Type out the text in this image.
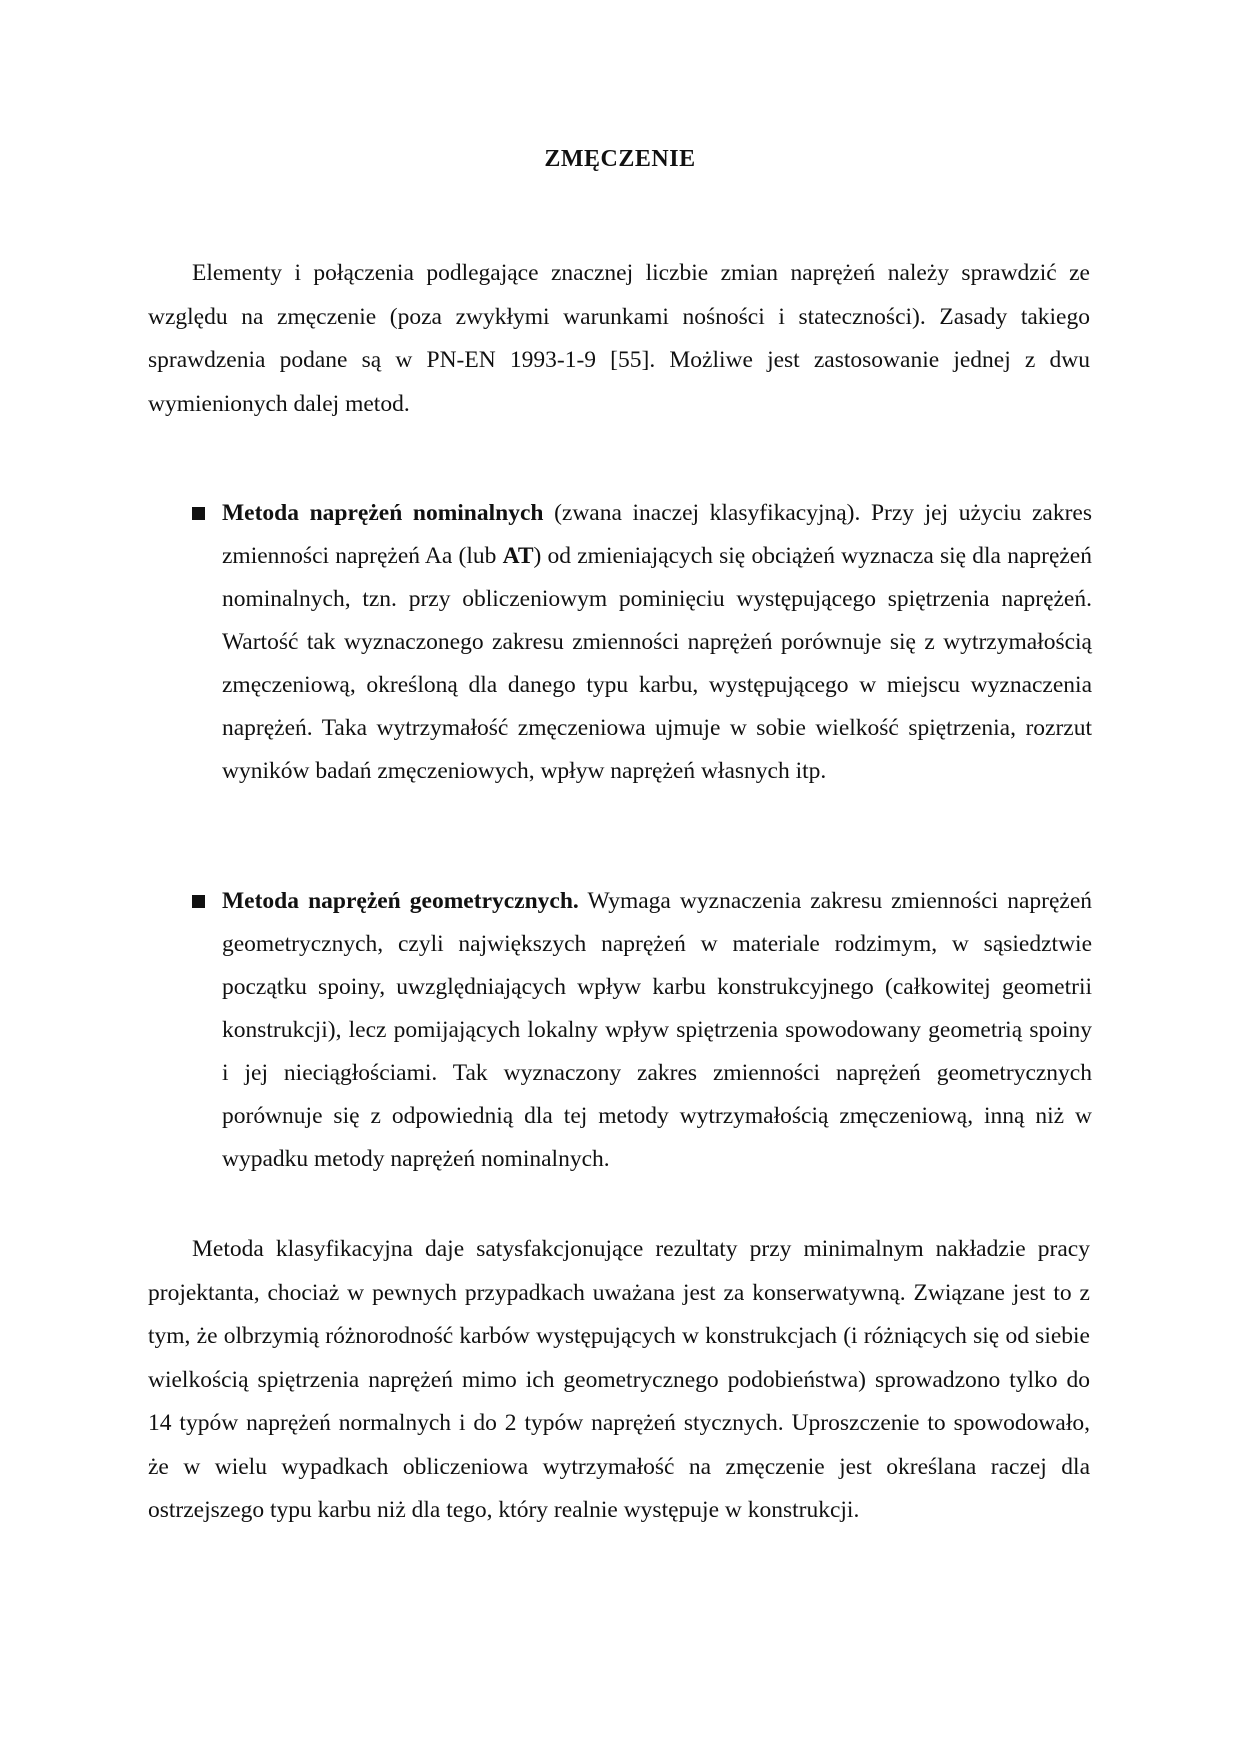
ZMĘCZENIE

Elementy i połączenia podlegające znacznej liczbie zmian naprężeń należy sprawdzić ze względu na zmęczenie (poza zwykłymi warunkami nośności i stateczności). Zasady takiego sprawdzenia podane są w PN-EN 1993-1-9 [55]. Możliwe jest zastosowanie jednej z dwu wymienionych dalej metod.

Metoda naprężeń nominalnych (zwana inaczej klasyfikacyjną). Przy jej użyciu zakres zmienności naprężeń Aa (lub AT) od zmieniających się obciążeń wyznacza się dla naprężeń nominalnych, tzn. przy obliczeniowym pominięciu występującego spiętrzenia naprężeń. Wartość tak wyznaczonego zakresu zmienności naprężeń porównuje się z wytrzymałością zmęczeniową, określoną dla danego typu karbu, występującego w miejscu wyznaczenia naprężeń. Taka wytrzymałość zmęczeniowa ujmuje w sobie wielkość spiętrzenia, rozrzut wyników badań zmęczeniowych, wpływ naprężeń własnych itp.
Metoda naprężeń geometrycznych. Wymaga wyznaczenia zakresu zmienności naprężeń geometrycznych, czyli największych naprężeń w materiale rodzimym, w sąsiedztwie początku spoiny, uwzględniających wpływ karbu konstrukcyjnego (całkowitej geometrii konstrukcji), lecz pomijających lokalny wpływ spiętrzenia spowodowany geometrią spoiny i jej nieciągłościami. Tak wyznaczony zakres zmienności naprężeń geometrycznych porównuje się z odpowiednią dla tej metody wytrzymałością zmęczeniową, inną niż w wypadku metody naprężeń nominalnych.

Metoda klasyfikacyjna daje satysfakcjonujące rezultaty przy minimalnym nakładzie pracy projektanta, chociaż w pewnych przypadkach uważana jest za konserwatywną. Związane jest to z tym, że olbrzymią różnorodność karbów występujących w konstrukcjach (i różniących się od siebie wielkością spiętrzenia naprężeń mimo ich geometrycznego podobieństwa) sprowadzono tylko do 14 typów naprężeń normalnych i do 2 typów naprężeń stycznych. Uproszczenie to spowodowało, że w wielu wypadkach obliczeniowa wytrzymałość na zmęczenie jest określana raczej dla ostrzejszego typu karbu niż dla tego, który realnie występuje w konstrukcji.
